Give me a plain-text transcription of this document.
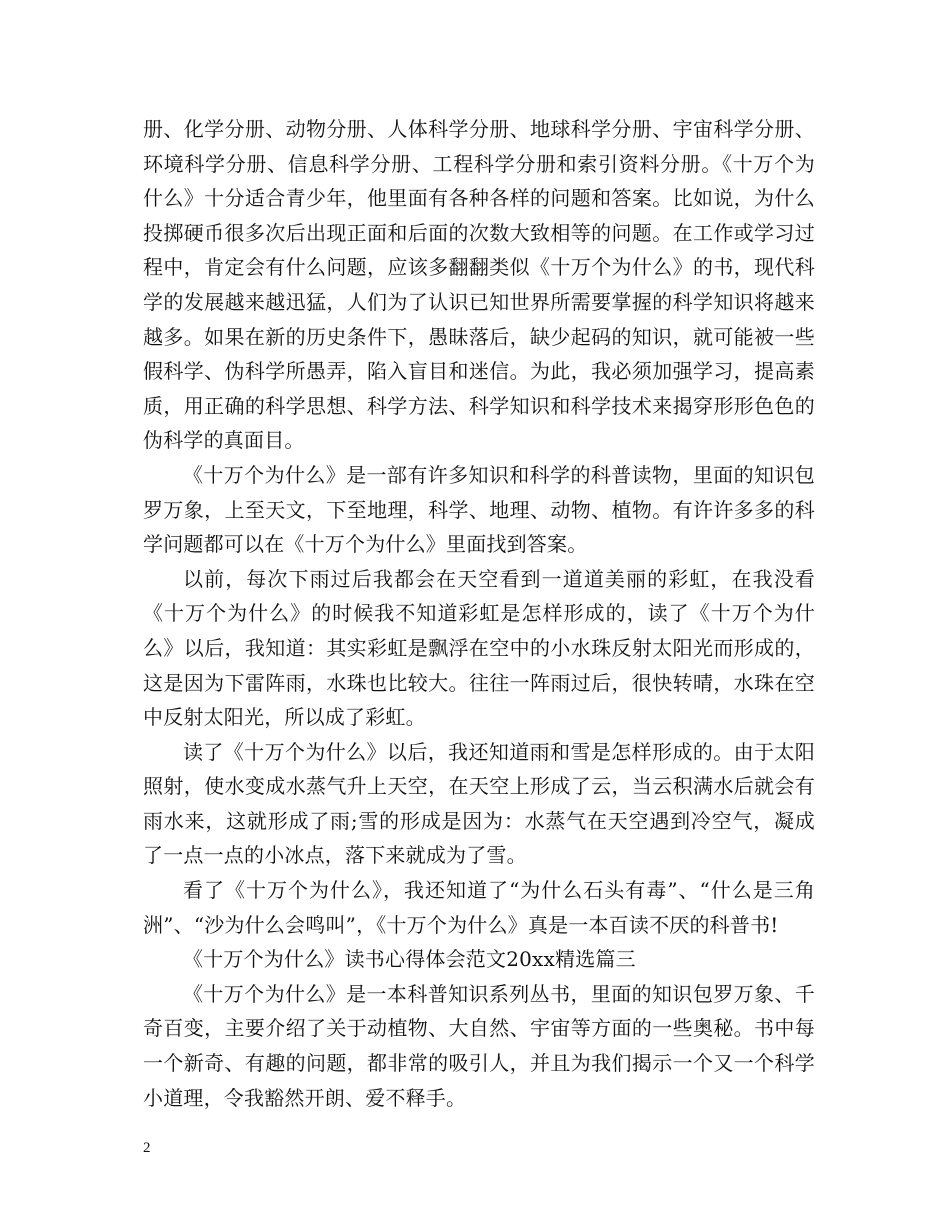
册、化学分册、动物分册、人体科学分册、地球科学分册、宇宙科学分册、环境科学分册、信息科学分册、工程科学分册和索引资料分册。《十万个为什么》十分适合青少年，他里面有各种各样的问题和答案。比如说，为什么投掷硬币很多次后出现正面和后面的次数大致相等的问题。在工作或学习过程中，肯定会有什么问题，应该多翻翻类似《十万个为什么》的书，现代科学的发展越来越迅猛，人们为了认识已知世界所需要掌握的科学知识将越来越多。如果在新的历史条件下，愚昧落后，缺少起码的知识，就可能被一些假科学、伪科学所愚弄，陷入盲目和迷信。为此，我必须加强学习，提高素质，用正确的科学思想、科学方法、科学知识和科学技术来揭穿形形色色的伪科学的真面目。

《十万个为什么》是一部有许多知识和科学的科普读物，里面的知识包罗万象，上至天文，下至地理，科学、地理、动物、植物。有许许多多的科学问题都可以在《十万个为什么》里面找到答案。

以前，每次下雨过后我都会在天空看到一道道美丽的彩虹，在我没看《十万个为什么》的时候我不知道彩虹是怎样形成的，读了《十万个为什么》以后，我知道：其实彩虹是飘浮在空中的小水珠反射太阳光而形成的，这是因为下雷阵雨，水珠也比较大。往往一阵雨过后，很快转晴，水珠在空中反射太阳光，所以成了彩虹。

读了《十万个为什么》以后，我还知道雨和雪是怎样形成的。由于太阳照射，使水变成水蒸气升上天空，在天空上形成了云，当云积满水后就会有雨水来，这就形成了雨;雪的形成是因为：水蒸气在天空遇到冷空气，凝成了一点一点的小冰点，落下来就成为了雪。

看了《十万个为什么》，我还知道了“为什么石头有毒”、“什么是三角洲”、“沙为什么会鸣叫”，《十万个为什么》真是一本百读不厌的科普书!

《十万个为什么》读书心得体会范文20xx精选篇三

《十万个为什么》是一本科普知识系列丛书，里面的知识包罗万象、千奇百变，主要介绍了关于动植物、大自然、宇宙等方面的一些奥秘。书中每一个新奇、有趣的问题，都非常的吸引人，并且为我们揭示一个又一个科学小道理，令我豁然开朗、爱不释手。

2
